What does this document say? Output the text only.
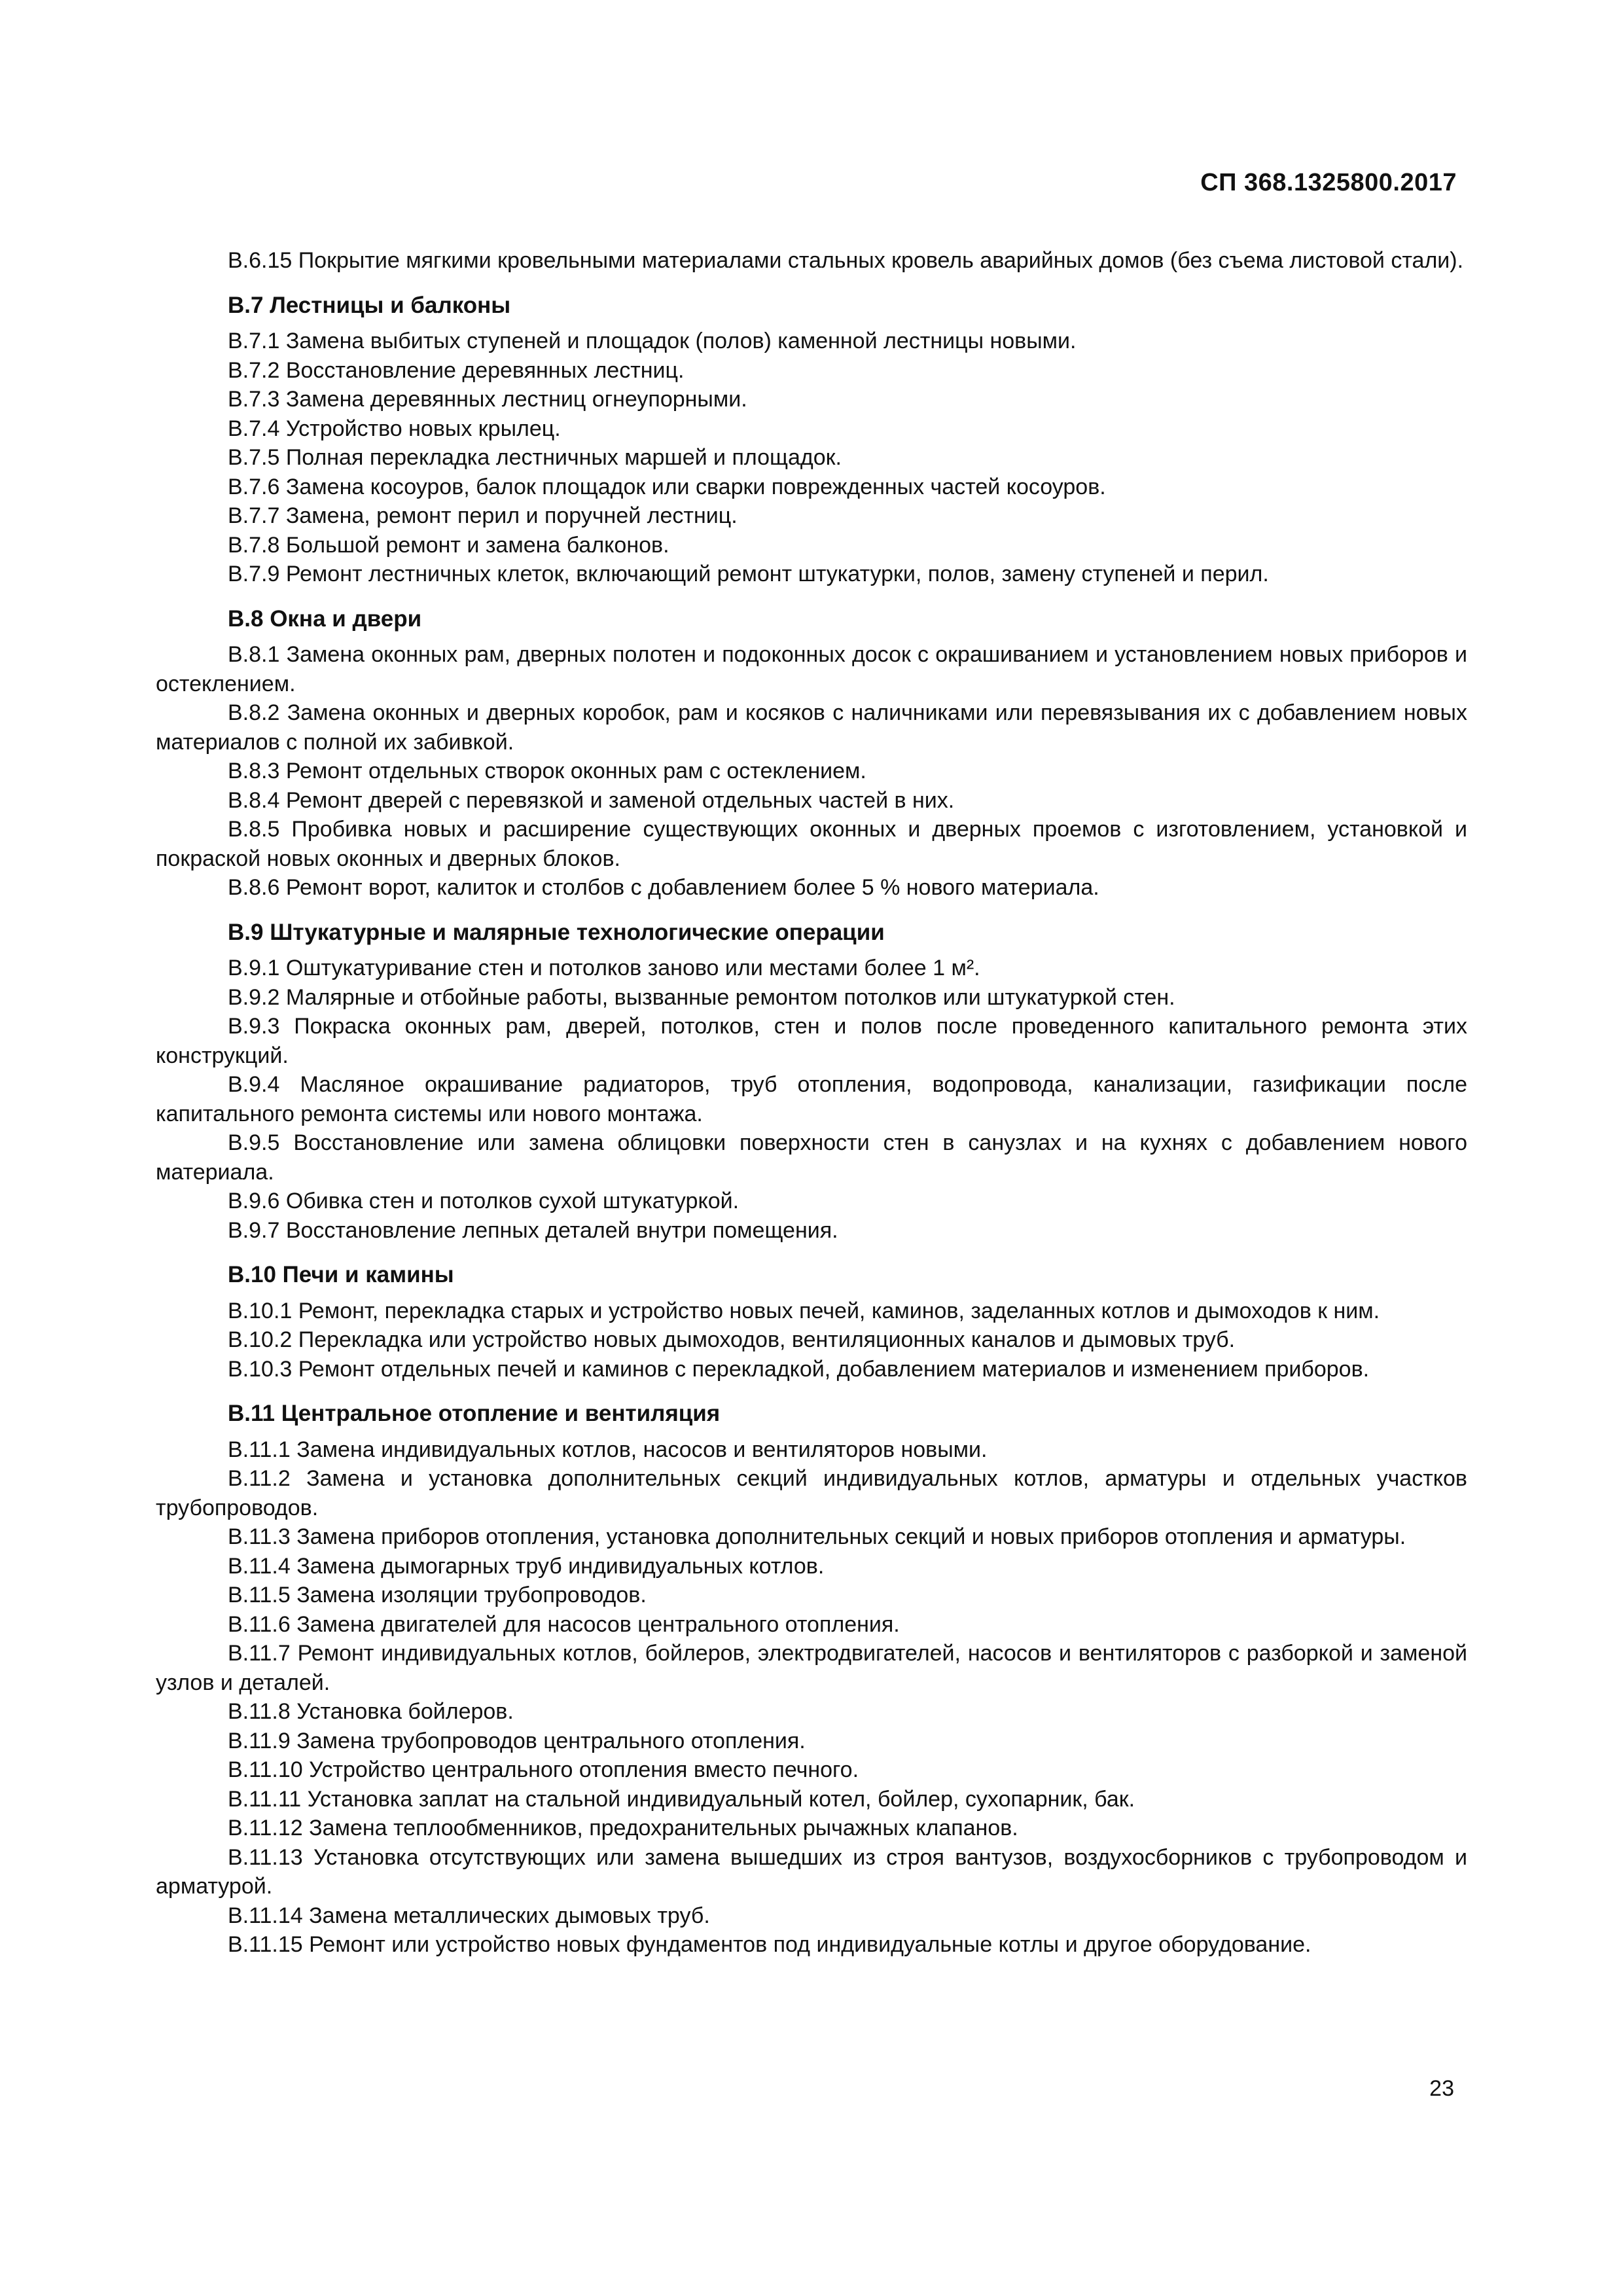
СП 368.1325800.2017

В.6.15 Покрытие мягкими кровельными материалами стальных кровель аварийных домов (без съема листовой стали).

В.7 Лестницы и балконы

В.7.1 Замена выбитых ступеней и площадок (полов) каменной лестницы новыми.

В.7.2 Восстановление деревянных лестниц.

В.7.3 Замена деревянных лестниц огнеупорными.

В.7.4 Устройство новых крылец.

В.7.5 Полная перекладка лестничных маршей и площадок.

В.7.6 Замена косоуров, балок площадок или сварки поврежденных частей косоуров.

В.7.7 Замена, ремонт перил и поручней лестниц.

В.7.8 Большой ремонт и замена балконов.

В.7.9 Ремонт лестничных клеток, включающий ремонт штукатурки, полов, замену ступеней и перил.

В.8 Окна и двери

В.8.1 Замена оконных рам, дверных полотен и подоконных досок с окрашиванием и установлением новых приборов и остеклением.

В.8.2 Замена оконных и дверных коробок, рам и косяков с наличниками или перевязывания их с добавлением новых материалов с полной их забивкой.

В.8.3 Ремонт отдельных створок оконных рам с остеклением.

В.8.4 Ремонт дверей с перевязкой и заменой отдельных частей в них.

В.8.5 Пробивка новых и расширение существующих оконных и дверных проемов с изготовлением, установкой и покраской новых оконных и дверных блоков.

В.8.6 Ремонт ворот, калиток и столбов с добавлением более 5 % нового материала.

В.9 Штукатурные и малярные технологические операции

В.9.1 Оштукатуривание стен и потолков заново или местами более 1 м².

В.9.2 Малярные и отбойные работы, вызванные ремонтом потолков или штукатуркой стен.

В.9.3 Покраска оконных рам, дверей, потолков, стен и полов после проведенного капитального ремонта этих конструкций.

В.9.4 Масляное окрашивание радиаторов, труб отопления, водопровода, канализации, газификации после капитального ремонта системы или нового монтажа.

В.9.5 Восстановление или замена облицовки поверхности стен в санузлах и на кухнях с добавлением нового материала.

В.9.6 Обивка стен и потолков сухой штукатуркой.

В.9.7 Восстановление лепных деталей внутри помещения.

В.10 Печи и камины

В.10.1 Ремонт, перекладка старых и устройство новых печей, каминов, заделанных котлов и дымоходов к ним.

В.10.2 Перекладка или устройство новых дымоходов, вентиляционных каналов и дымовых труб.

В.10.3 Ремонт отдельных печей и каминов с перекладкой, добавлением материалов и изменением приборов.

В.11 Центральное отопление и вентиляция

В.11.1 Замена индивидуальных котлов, насосов и вентиляторов новыми.

В.11.2 Замена и установка дополнительных секций индивидуальных котлов, арматуры и отдельных участков трубопроводов.

В.11.3 Замена приборов отопления, установка дополнительных секций и новых приборов отопления и арматуры.

В.11.4 Замена дымогарных труб индивидуальных котлов.

В.11.5 Замена изоляции трубопроводов.

В.11.6 Замена двигателей для насосов центрального отопления.

В.11.7 Ремонт индивидуальных котлов, бойлеров, электродвигателей, насосов и вентиляторов с разборкой и заменой узлов и деталей.

В.11.8 Установка бойлеров.

В.11.9 Замена трубопроводов центрального отопления.

В.11.10 Устройство центрального отопления вместо печного.

В.11.11 Установка заплат на стальной индивидуальный котел, бойлер, сухопарник, бак.

В.11.12 Замена теплообменников, предохранительных рычажных клапанов.

В.11.13 Установка отсутствующих или замена вышедших из строя вантузов, воздухосборников с трубопроводом и арматурой.

В.11.14 Замена металлических дымовых труб.

В.11.15 Ремонт или устройство новых фундаментов под индивидуальные котлы и другое оборудование.

23
